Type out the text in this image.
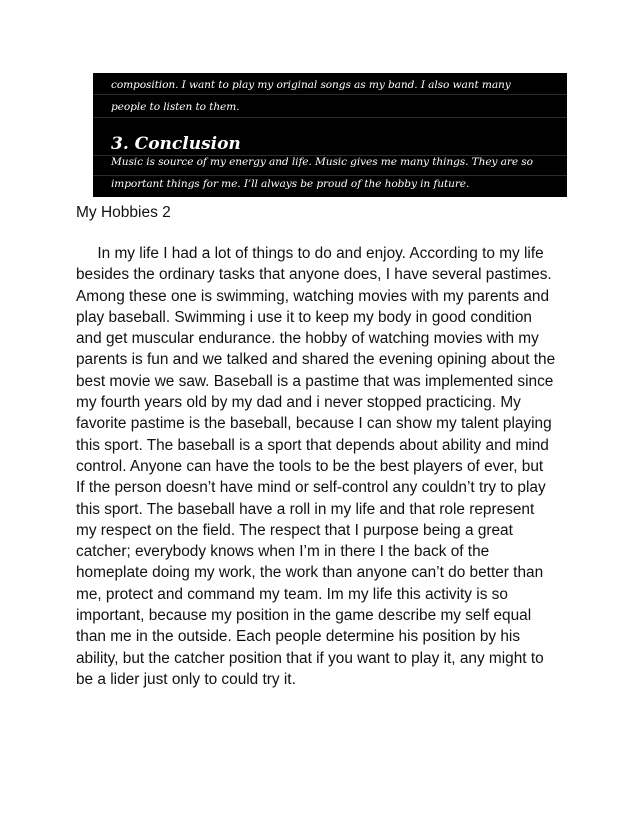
composition. I want to play my original songs as my band. I also want many
people to listen to them.
3. Conclusion
Music is source of my energy and life. Music gives me many things. They are so
important things for me. I’ll always be proud of the hobby in future.
My Hobbies 2
In my life I had a lot of things to do and enjoy. According to my life
besides the ordinary tasks that anyone does, I have several pastimes.
Among these one is swimming, watching movies with my parents and
play baseball. Swimming i use it to keep my body in good condition
and get muscular endurance. the hobby of watching movies with my
parents is fun and we talked and shared the evening opining about the
best movie we saw. Baseball is a pastime that was implemented since
my fourth years old by my dad and i never stopped practicing. My
favorite pastime is the baseball, because I can show my talent playing
this sport. The baseball is a sport that depends about ability and mind
control. Anyone can have the tools to be the best players of ever, but
If the person doesn’t have mind or self-control any couldn’t try to play
this sport. The baseball have a roll in my life and that role represent
my respect on the field. The respect that I purpose being a great
catcher; everybody knows when I’m in there I the back of the
homeplate doing my work, the work than anyone can’t do better than
me, protect and command my team. Im my life this activity is so
important, because my position in the game describe my self equal
than me in the outside. Each people determine his position by his
ability, but the catcher position that if you want to play it, any might to
be a lider just only to could try it.
